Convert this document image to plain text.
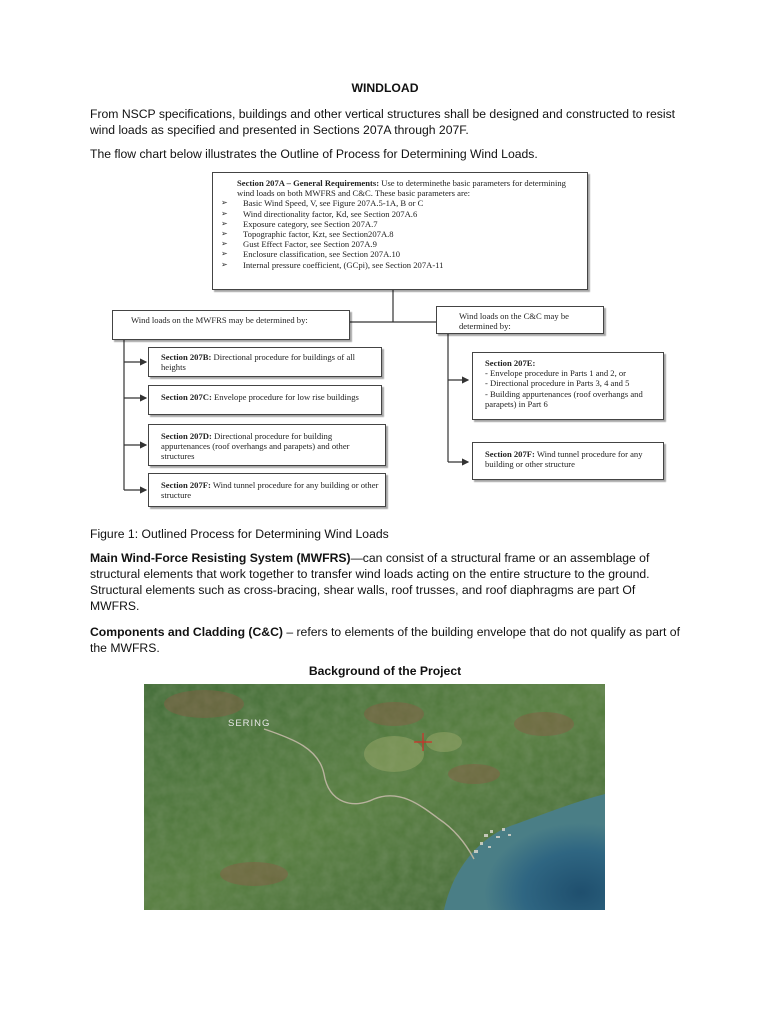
WINDLOAD

From NSCP specifications, buildings and other vertical structures shall be designed and constructed to resist wind loads as specified and presented in Sections 207A through 207F.

The flow chart below illustrates the Outline of Process for Determining Wind Loads.

Section 207A – General Requirements: Use to determinethe basic parameters for determining wind loads on both MWFRS and C&C. These basic parameters are:
➢ Basic Wind Speed, V, see Figure 207A.5-1A, B or C
➢ Wind directionality factor, Kd, see Section 207A.6
➢ Exposure category, see Section 207A.7
➢ Topographic factor, Kzt, see Section207A.8
➢ Gust Effect Factor, see Section 207A.9
➢ Enclosure classification, see Section 207A.10
➢ Internal pressure coefficient, (GCpi), see Section 207A-11
Wind loads on the MWFRS may be determined by:	Wind loads on the C&C may be determined by:
Section 207B: Directional procedure for buildings of all heights
Section 207C: Envelope procedure for low rise buildings
Section 207D: Directional procedure for building appurtenances (roof overhangs and parapets) and other structures
Section 207F: Wind tunnel procedure for any building or other structure
Section 207E:
- Envelope procedure in Parts 1 and 2, or
- Directional procedure in Parts 3, 4 and 5
- Building appurtenances (roof overhangs and parapets) in Part 6
Section 207F: Wind tunnel procedure for any building or other structure

Figure 1: Outlined Process for Determining Wind Loads

Main Wind-Force Resisting System (MWFRS)—can consist of a structural frame or an assemblage of structural elements that work together to transfer wind loads acting on the entire structure to the ground. Structural elements such as cross-bracing, shear walls, roof trusses, and roof diaphragms are part Of MWFRS.

Components and Cladding (C&C) – refers to elements of the building envelope that do not qualify as part of the MWFRS.

Background of the Project
SERING
